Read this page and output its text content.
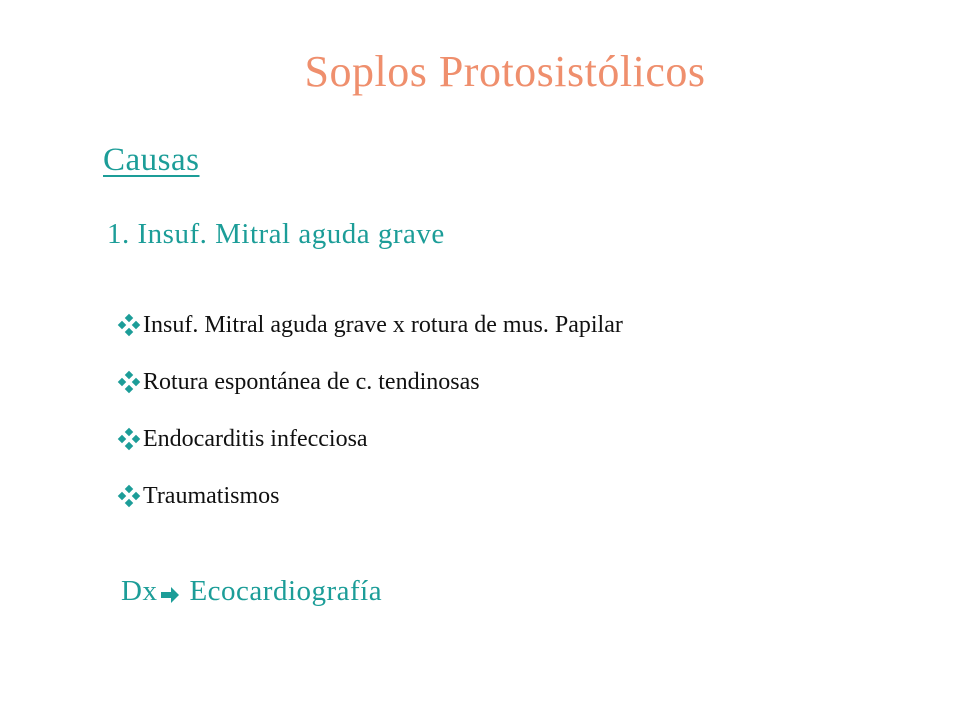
Soplos Protosistólicos
Causas
1. Insuf. Mitral aguda grave
Insuf. Mitral aguda grave x rotura de mus. Papilar
Rotura espontánea de c. tendinosas
Endocarditis infecciosa
Traumatismos
Dx Ecocardiografía
